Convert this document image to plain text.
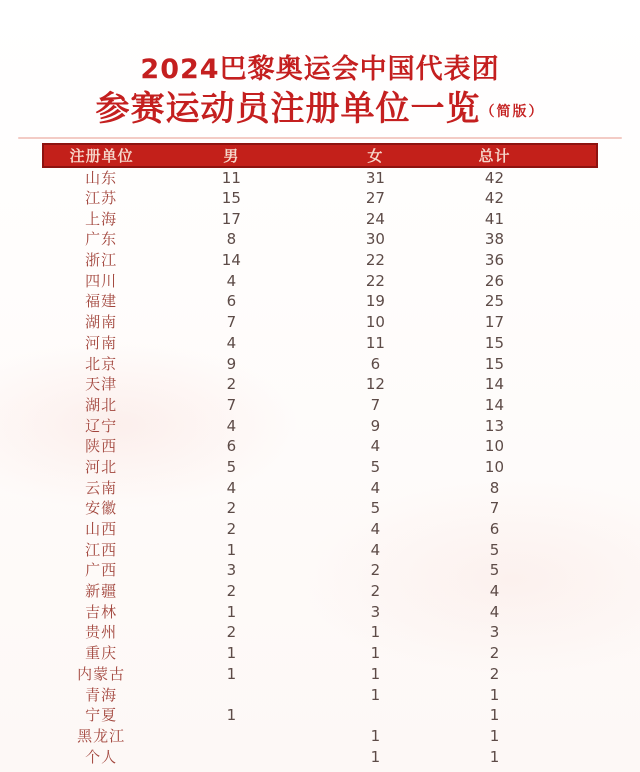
2024巴黎奥运会中国代表团
参赛运动员注册单位一览（简版）
注册单位	男	女	总计	
山东	11	31	42	
江苏	15	27	42	
上海	17	24	41	
广东	8	30	38	
浙江	14	22	36	
四川	4	22	26	
福建	6	19	25	
湖南	7	10	17	
河南	4	11	15	
北京	9	6	15	
天津	2	12	14	
湖北	7	7	14	
辽宁	4	9	13	
陕西	6	4	10	
河北	5	5	10	
云南	4	4	8	
安徽	2	5	7	
山西	2	4	6	
江西	1	4	5	
广西	3	2	5	
新疆	2	2	4	
吉林	1	3	4	
贵州	2	1	3	
重庆	1	1	2	
内蒙古	1	1	2	
青海		1	1	
宁夏	1		1	
黑龙江		1	1	
个人		1	1	
